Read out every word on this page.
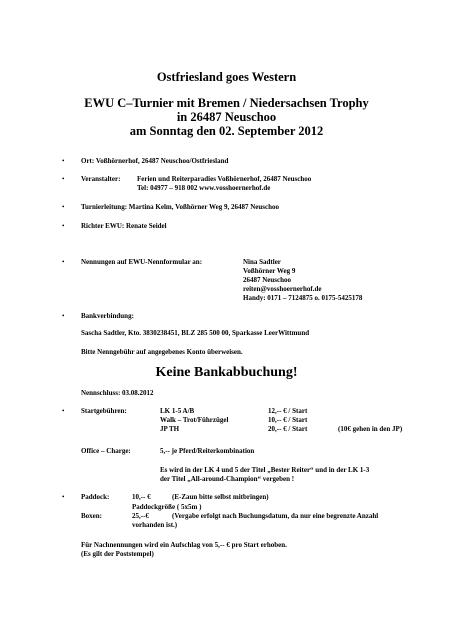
Ostfriesland goes Western
EWU C–Turnier mit Bremen / Niedersachsen Trophy
in 26487 Neuschoo
am Sonntag den 02. September 2012
• Ort: Voßhörnerhof, 26487 Neuschoo/Ostfriesland
• Veranstalter: Ferien und Reiterparadies Voßhörnerhof, 26487 Neuschoo
Tel: 04977 – 918 002 www.vosshoernerhof.de
• Turnierleitung: Martina Kelm, Voßhörner Weg 9, 26487 Neuschoo
• Richter EWU: Renate Seidel
• Nennungen auf EWU-Nennformular an:	Nina Sadtler
Voßhörner Weg 9
26487 Neuschoo
reiten@vosshoernerhof.de
Handy: 0171 – 7124875 o. 0175-5425178
• Bankverbindung:
Sascha Sadtler, Kto. 3830238451, BLZ 285 500 00, Sparkasse LeerWittmund
Bitte Nenngebühr auf angegebenes Konto überweisen.
Keine Bankabbuchung!
Nennschluss: 03.08.2012
• Startgebühren:	LK 1-5 A/B	12,-- € / Start
Walk – Trot/Führzügel	10,-- € / Start
JP TH	20,-- € / Start	(10€ gehen in den JP)
Office – Charge:	5,-- je Pferd/Reiterkombination
Es wird in der LK 4 und 5 der Titel „Bester Reiter“ und in der LK 1-3
der Titel „All-around-Champion“ vergeben !
• Paddock:	10,-- €	(E-Zaun bitte selbst mitbringen)
Paddockgröße ( 5x5m )
Boxen:	25,--€	(Vergabe erfolgt nach Buchungsdatum, da nur eine begrenzte Anzahl
vorhanden ist.)
Für Nachnennungen wird ein Aufschlag von 5,-- € pro Start erhoben.
(Es gilt der Poststempel)
